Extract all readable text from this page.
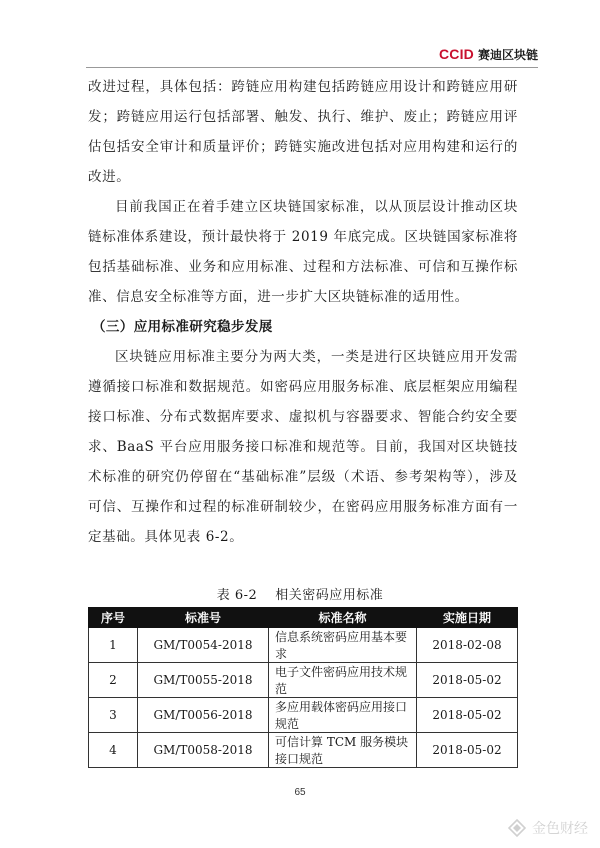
CCID 赛迪区块链

改进过程，具体包括：跨链应用构建包括跨链应用设计和跨链应用研发；跨链应用运行包括部署、触发、执行、维护、废止；跨链应用评估包括安全审计和质量评价；跨链实施改进包括对应用构建和运行的改进。

目前我国正在着手建立区块链国家标准，以从顶层设计推动区块链标准体系建设，预计最快将于 2019 年底完成。区块链国家标准将包括基础标准、业务和应用标准、过程和方法标准、可信和互操作标准、信息安全标准等方面，进一步扩大区块链标准的适用性。

（三）应用标准研究稳步发展

区块链应用标准主要分为两大类，一类是进行区块链应用开发需遵循接口标准和数据规范。如密码应用服务标准、底层框架应用编程接口标准、分布式数据库要求、虚拟机与容器要求、智能合约安全要求、BaaS 平台应用服务接口标准和规范等。目前，我国对区块链技术标准的研究仍停留在“基础标准”层级（术语、参考架构等），涉及可信、互操作和过程的标准研制较少，在密码应用服务标准方面有一定基础。具体见表 6-2。

表 6-2 相关密码应用标准
序号	标准号	标准名称	实施日期
1	GM/T0054-2018	信息系统密码应用基本要求	2018-02-08
2	GM/T0055-2018	电子文件密码应用技术规范	2018-05-02
3	GM/T0056-2018	多应用载体密码应用接口规范	2018-05-02
4	GM/T0058-2018	可信计算 TCM 服务模块接口规范	2018-05-02
65
金色财经
